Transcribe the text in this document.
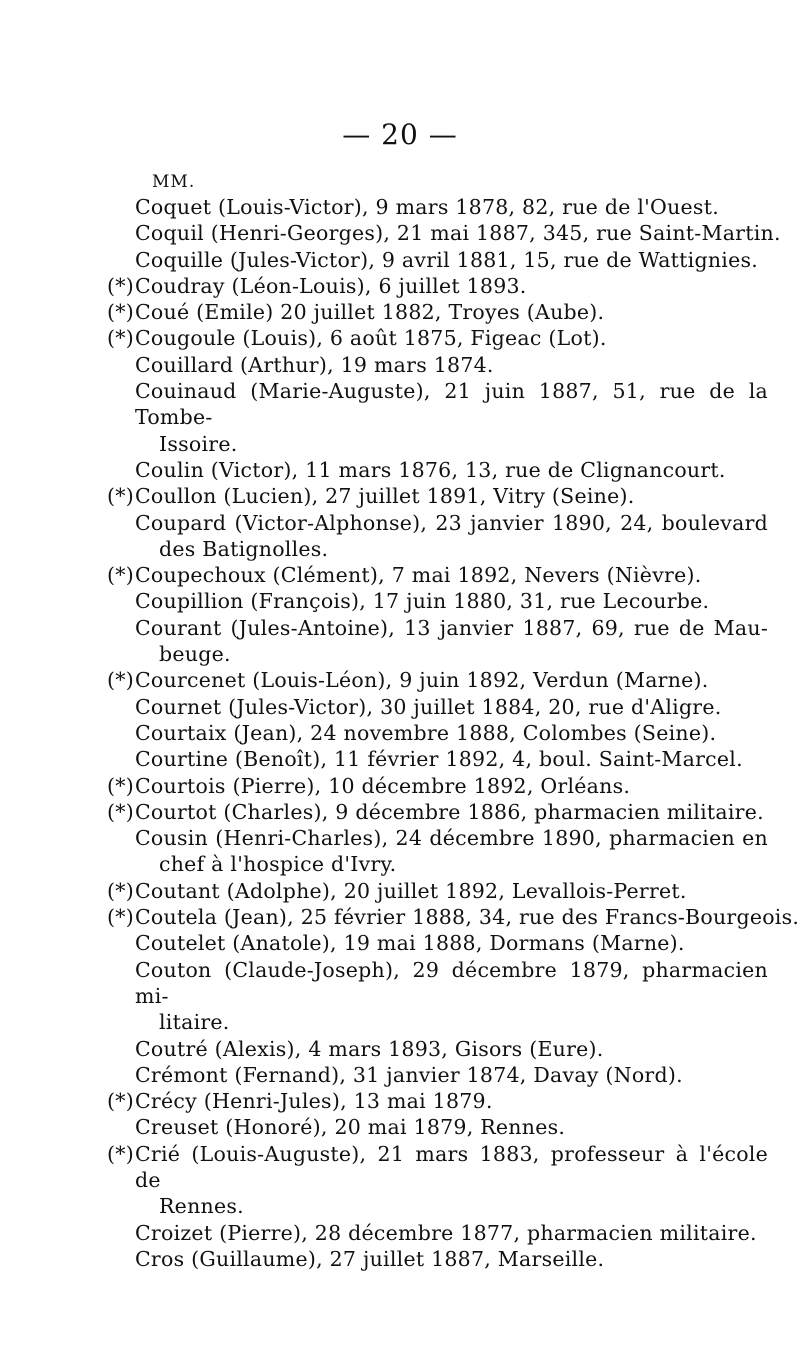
— 20 —
MM.
Coquet (Louis-Victor), 9 mars 1878, 82, rue de l'Ouest.
Coquil (Henri-Georges), 21 mai 1887, 345, rue Saint-Martin.
Coquille (Jules-Victor), 9 avril 1881, 15, rue de Wattignies.
(*) Coudray (Léon-Louis), 6 juillet 1893.
(*) Coué (Emile) 20 juillet 1882, Troyes (Aube).
(*) Cougoule (Louis), 6 août 1875, Figeac (Lot).
Couillard (Arthur), 19 mars 1874.
Couinaud (Marie-Auguste), 21 juin 1887, 51, rue de la Tombe-
Issoire.
Coulin (Victor), 11 mars 1876, 13, rue de Clignancourt.
(*) Coullon (Lucien), 27 juillet 1891, Vitry (Seine).
Coupard (Victor-Alphonse), 23 janvier 1890, 24, boulevard
des Batignolles.
(*) Coupechoux (Clément), 7 mai 1892, Nevers (Nièvre).
Coupillion (François), 17 juin 1880, 31, rue Lecourbe.
Courant (Jules-Antoine), 13 janvier 1887, 69, rue de Mau-
beuge.
(*) Courcenet (Louis-Léon), 9 juin 1892, Verdun (Marne).
Cournet (Jules-Victor), 30 juillet 1884, 20, rue d'Aligre.
Courtaix (Jean), 24 novembre 1888, Colombes (Seine).
Courtine (Benoît), 11 février 1892, 4, boul. Saint-Marcel.
(*) Courtois (Pierre), 10 décembre 1892, Orléans.
(*) Courtot (Charles), 9 décembre 1886, pharmacien militaire.
Cousin (Henri-Charles), 24 décembre 1890, pharmacien en
chef à l'hospice d'Ivry.
(*) Coutant (Adolphe), 20 juillet 1892, Levallois-Perret.
(*) Coutela (Jean), 25 février 1888, 34, rue des Francs-Bourgeois.
Coutelet (Anatole), 19 mai 1888, Dormans (Marne).
Couton (Claude-Joseph), 29 décembre 1879, pharmacien mi-
litaire.
Coutré (Alexis), 4 mars 1893, Gisors (Eure).
Crémont (Fernand), 31 janvier 1874, Davay (Nord).
(*) Crécy (Henri-Jules), 13 mai 1879.
Creuset (Honoré), 20 mai 1879, Rennes.
(*) Crié (Louis-Auguste), 21 mars 1883, professeur à l'école de
Rennes.
Croizet (Pierre), 28 décembre 1877, pharmacien militaire.
Cros (Guillaume), 27 juillet 1887, Marseille.
